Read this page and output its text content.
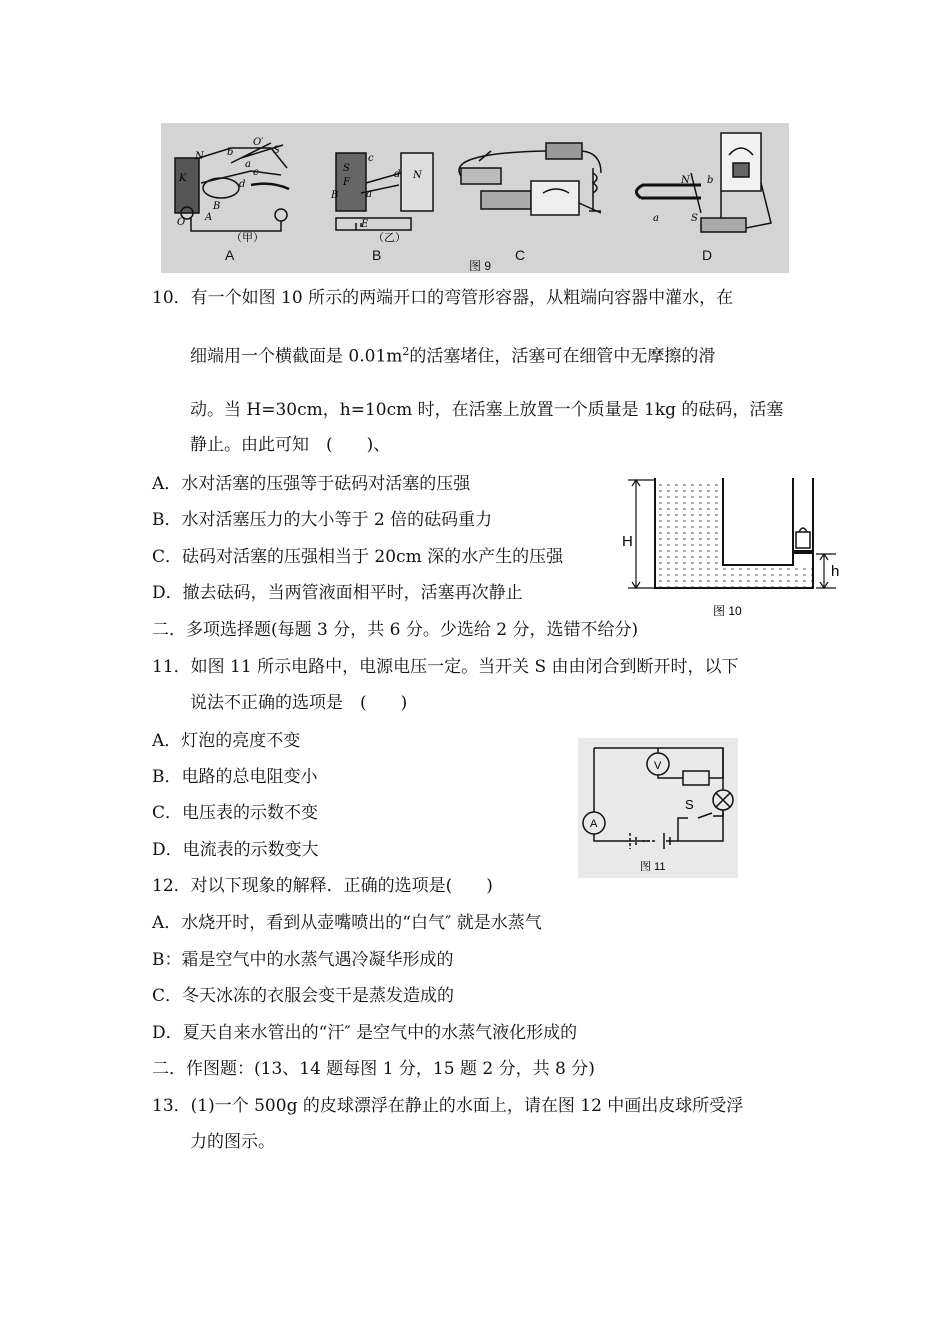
（甲）	（乙）
N b
O′
S
K
a
B
A
O
c
d
B
S
F
E
N
c
a
d
N b
S
a
A	B	C	D
图 9
10．有一个如图 10 所示的两端开口的弯管形容器，从粗端向容器中灌水，在
细端用一个横截面是 $0.01m^2$的活塞堵住，活塞可在细管中无摩擦的滑
动。当 H=30cm，h=10cm 时，在活塞上放置一个质量是 1kg 的砝码，活塞
静止。由此可知　(　　)、
A．水对活塞的压强等于砝码对活塞的压强
B．水对活塞压力的大小等于 2 倍的砝码重力
C．砝码对活塞的压强相当于 20cm 深的水产生的压强
D．撤去砝码，当两管液面相平时，活塞再次静止
H
h
图 10
二．多项选择题(每题 3 分，共 6 分。少选给 2 分，选错不给分)
11．如图 11 所示电路中，电源电压一定。当开关 S 由由闭合到断开时，以下
说法不正确的选项是　(　　)
A．灯泡的亮度不变
B．电路的总电阻变小
C．电压表的示数不变
D．电流表的示数变大
V
A
S
图 11
12．对以下现象的解释．正确的选项是(　　)
A．水烧开时，看到从壶嘴喷出的“白气″ 就是水蒸气
B：霜是空气中的水蒸气遇冷凝华形成的
C．冬天冰冻的衣服会变干是蒸发造成的
D．夏天自来水管出的“汗″ 是空气中的水蒸气液化形成的
二．作图题：(13、14 题每图 1 分，15 题 2 分，共 8 分)
13．(1)一个 500g 的皮球漂浮在静止的水面上，请在图 12 中画出皮球所受浮
力的图示。
